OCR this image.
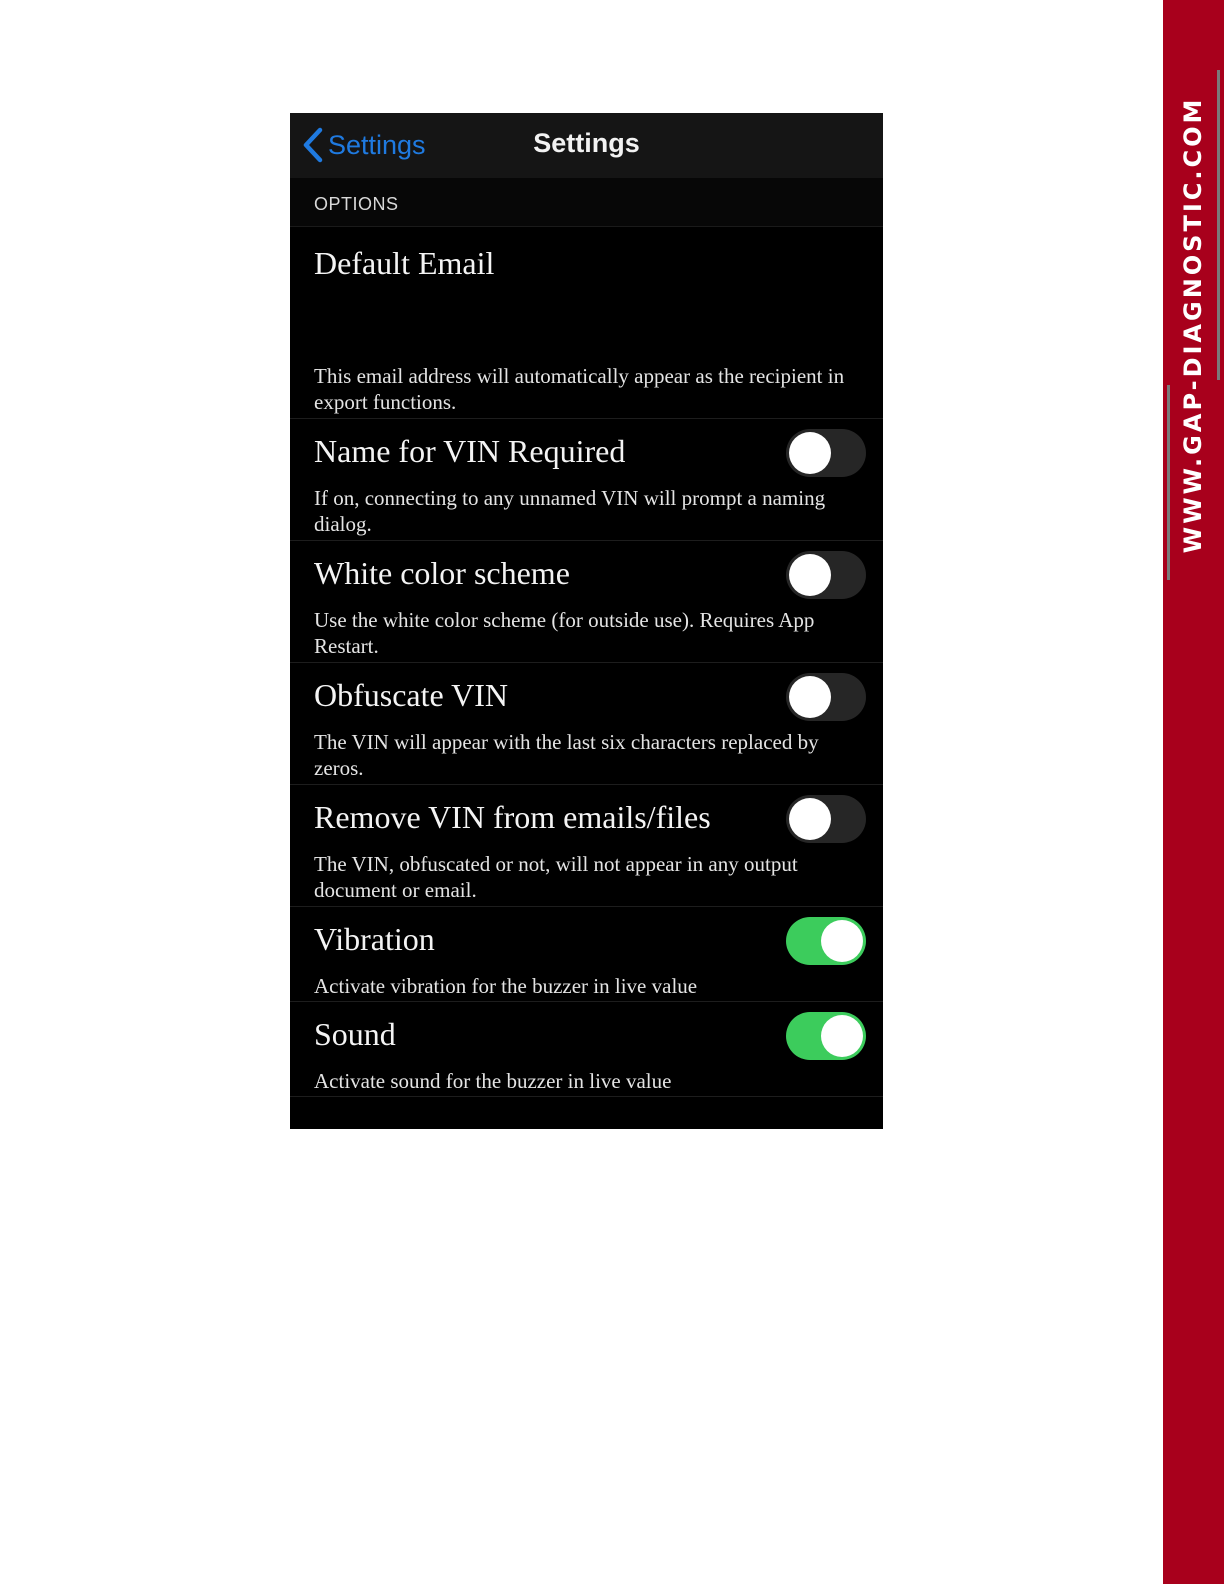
Settings	Settings
OPTIONS
Default Email
This email address will automatically appear as the recipient in export functions.
Name for VIN Required
If on, connecting to any unnamed VIN will prompt a naming dialog.
White color scheme
Use the white color scheme (for outside use). Requires App Restart.
Obfuscate VIN
The VIN will appear with the last six characters replaced by zeros.
Remove VIN from emails/files
The VIN, obfuscated or not, will not appear in any output document or email.
Vibration
Activate vibration for the buzzer in live value
Sound
Activate sound for the buzzer in live value
WWW.GAP-DIAGNOSTIC.COM
